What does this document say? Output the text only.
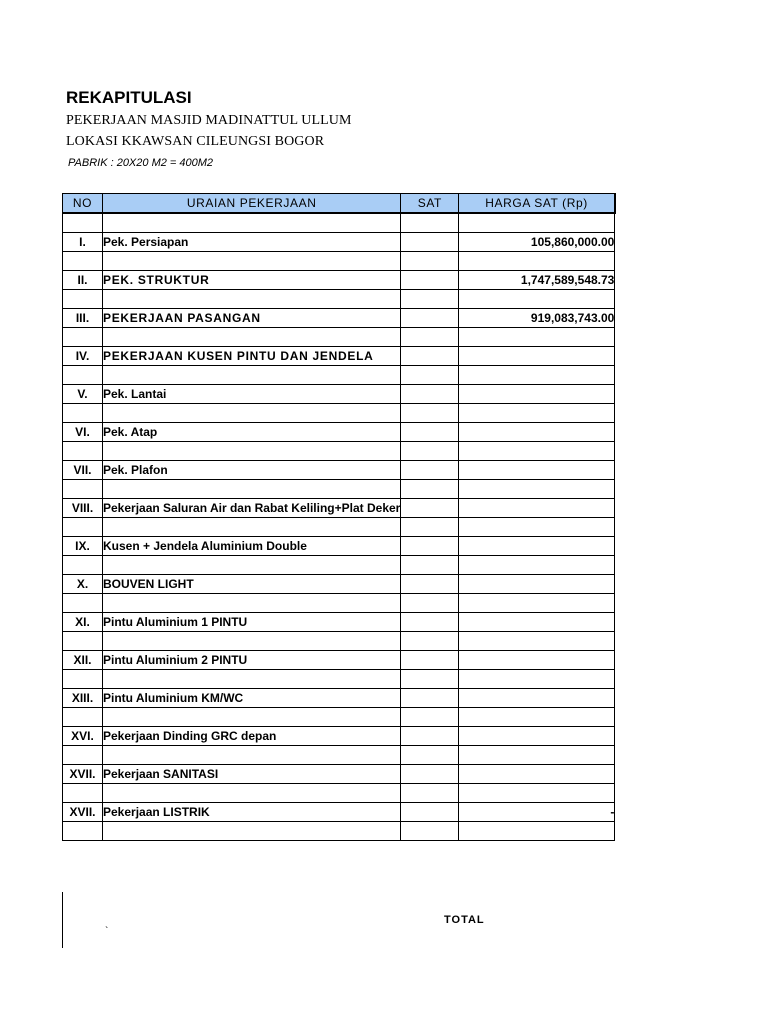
REKAPITULASI
PEKERJAAN MASJID MADINATTUL ULLUM
LOKASI KKAWSAN CILEUNGSI BOGOR
PABRIK : 20X20 M2 = 400M2
NO	URAIAN PEKERJAAN	SAT	HARGA SAT (Rp)

I.	Pek. Persiapan		105,860,000.00

II.	PEK. STRUKTUR		1,747,589,548.73

III.	PEKERJAAN PASANGAN		919,083,743.00

IV.	PEKERJAAN KUSEN PINTU DAN JENDELA		

V.	Pek. Lantai		

VI.	Pek. Atap		

VII.	Pek. Plafon		

VIII.	Pekerjaan Saluran Air dan Rabat Keliling+Plat Deker		

IX.	Kusen + Jendela Aluminium Double		

X.	BOUVEN LIGHT		

XI.	Pintu Aluminium 1 PINTU		

XII.	Pintu Aluminium 2 PINTU		

XIII.	Pintu Aluminium KM/WC		

XVI.	Pekerjaan Dinding GRC depan		

XVII.	Pekerjaan SANITASI		

XVII.	Pekerjaan LISTRIK		-

TOTAL
`
